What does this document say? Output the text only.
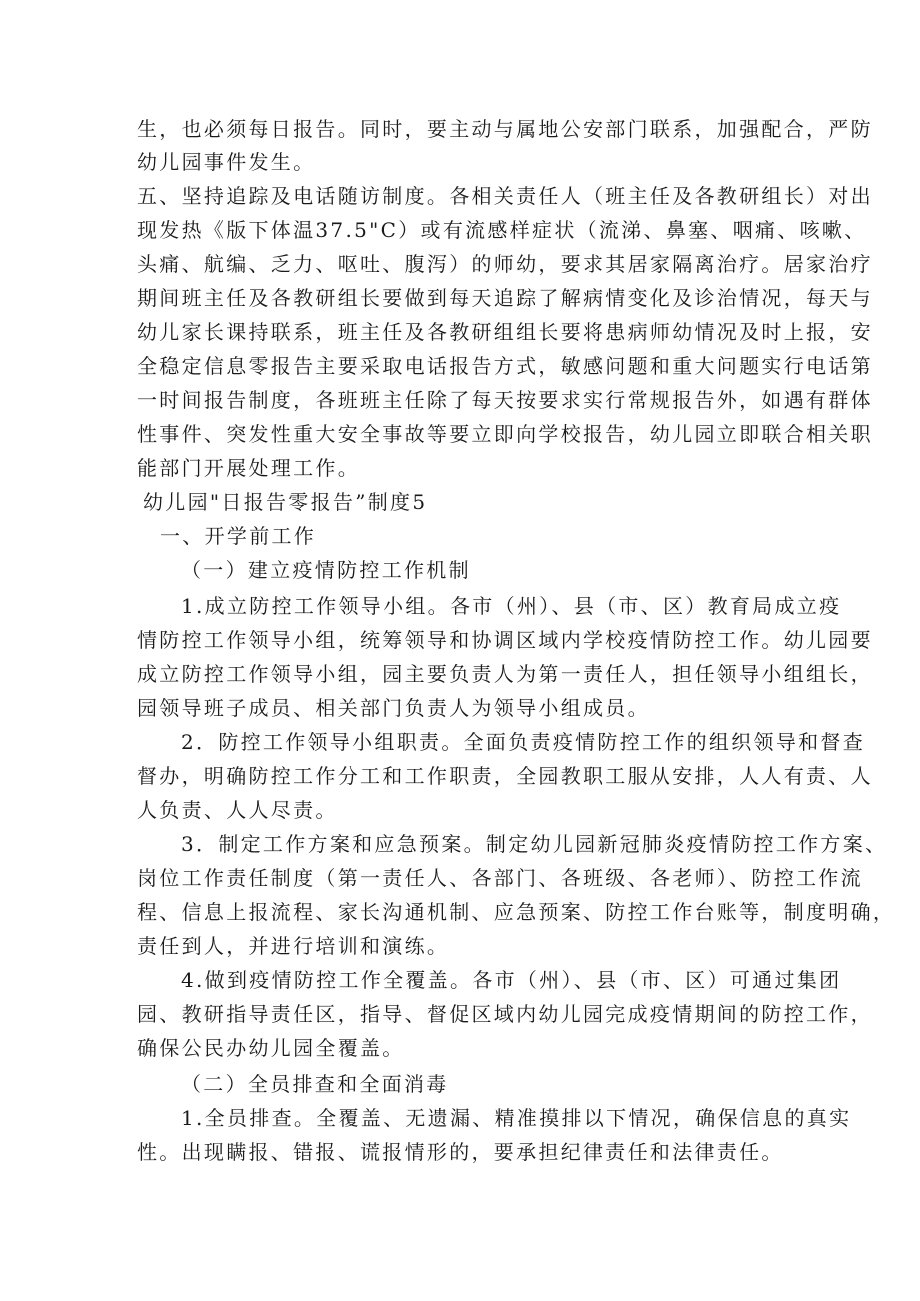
生，也必须每日报告。同时，要主动与属地公安部门联系，加强配合，严防
幼儿园事件发生。
五、坚持追踪及电话随访制度。各相关责任人（班主任及各教研组长）对出
现发热《版下体温37.5"C）或有流感样症状（流涕、鼻塞、咽痛、咳嗽、
头痛、航编、乏力、呕吐、腹泻）的师幼，要求其居家隔离治疗。居家治疗
期间班主任及各教研组长要做到每天追踪了解病情变化及诊治情况，每天与
幼儿家长课持联系，班主任及各教研组组长要将患病师幼情况及时上报，安
全稳定信息零报告主要采取电话报告方式，敏感问题和重大问题实行电话第
一时间报告制度，各班班主任除了每天按要求实行常规报告外，如遇有群体
性事件、突发性重大安全事故等要立即向学校报告，幼儿园立即联合相关职
能部门开展处理工作。
幼儿园"日报告零报告”制度5
一、开学前工作
（一）建立疫情防控工作机制
1.成立防控工作领导小组。各市（州）、县（市、区）教育局成立疫
情防控工作领导小组，统筹领导和协调区域内学校疫情防控工作。幼儿园要
成立防控工作领导小组，园主要负责人为第一责任人，担任领导小组组长，
园领导班子成员、相关部门负责人为领导小组成员。
2．防控工作领导小组职责。全面负责疫情防控工作的组织领导和督查
督办，明确防控工作分工和工作职责，全园教职工服从安排，人人有责、人
人负责、人人尽责。
3．制定工作方案和应急预案。制定幼儿园新冠肺炎疫情防控工作方案、
岗位工作责任制度（第一责任人、各部门、各班级、各老师）、防控工作流
程、信息上报流程、家长沟通机制、应急预案、防控工作台账等，制度明确，
责任到人，并进行培训和演练。
4.做到疫情防控工作全覆盖。各市（州）、县（市、区）可通过集团
园、教研指导责任区，指导、督促区域内幼儿园完成疫情期间的防控工作，
确保公民办幼儿园全覆盖。
（二）全员排查和全面消毒
1.全员排查。全覆盖、无遗漏、精准摸排以下情况，确保信息的真实
性。出现瞒报、错报、谎报情形的，要承担纪律责任和法律责任。
